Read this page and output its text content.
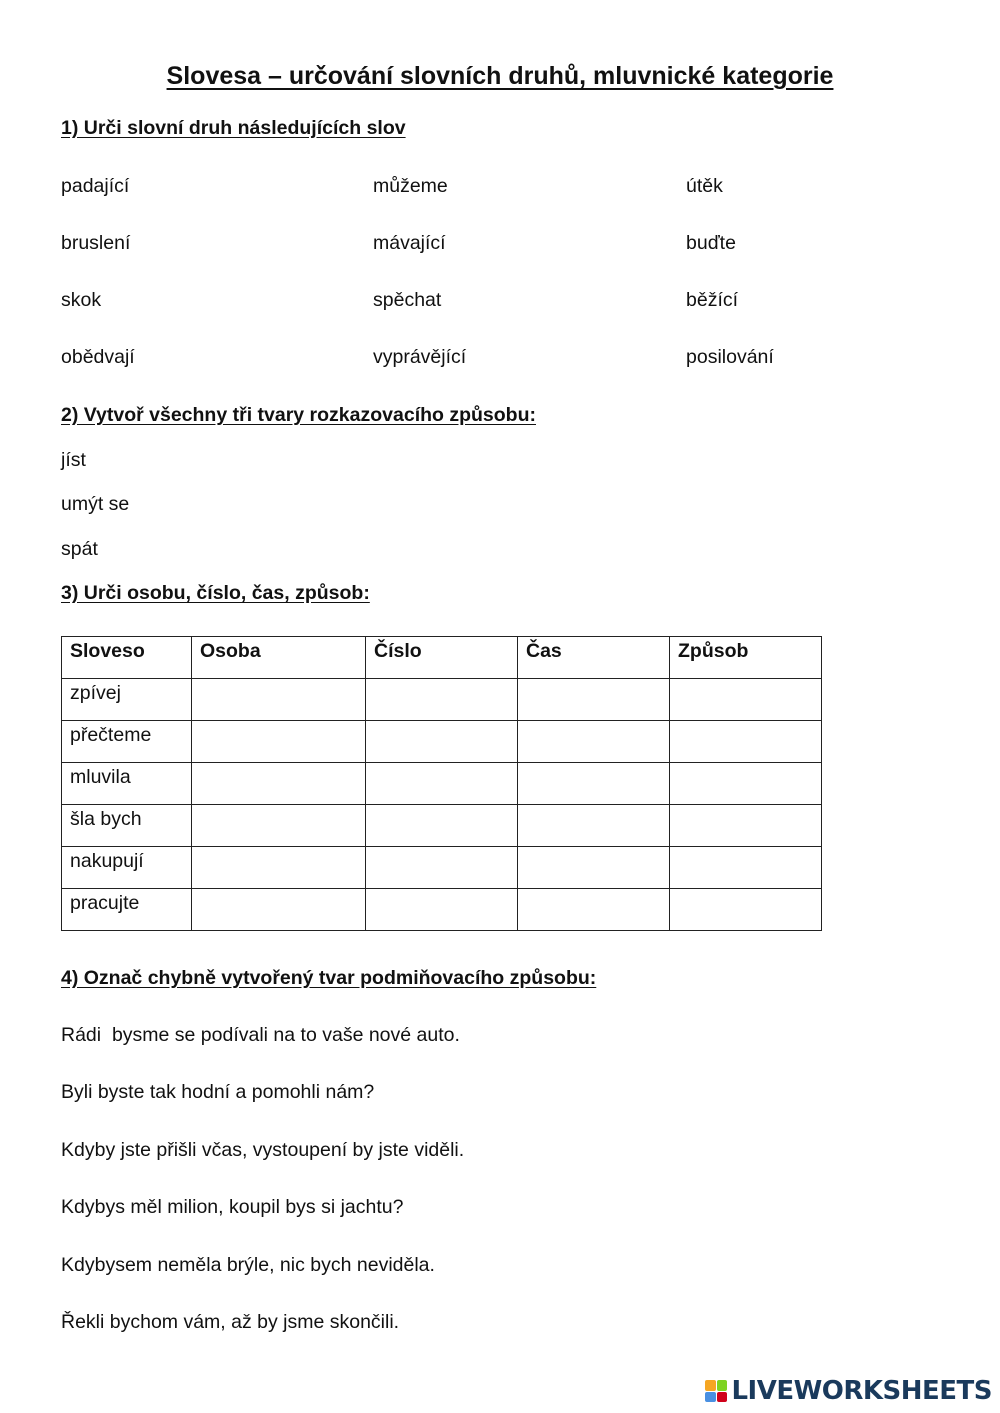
Slovesa – určování slovních druhů, mluvnické kategorie
1) Urči slovní druh následujících slov
padající	můžeme	útěk
bruslení	mávající	buďte
skok	spěchat	běžící
obědvají	vyprávějící	posilování
2) Vytvoř všechny tři tvary rozkazovacího způsobu:
jíst
umýt se
spát
3) Urči osobu, číslo, čas, způsob:
Sloveso	Osoba	Číslo	Čas	Způsob
zpívej				
přečteme				
mluvila				
šla bych				
nakupují				
pracujte				
4) Označ chybně vytvořený tvar podmiňovacího způsobu:
Rádi  bysme se podívali na to vaše nové auto.
Byli byste tak hodní a pomohli nám?
Kdyby jste přišli včas, vystoupení by jste viděli.
Kdybys měl milion, koupil bys si jachtu?
Kdybysem neměla brýle, nic bych neviděla.
Řekli bychom vám, až by jsme skončili.
LIVEWORKSHEETS
